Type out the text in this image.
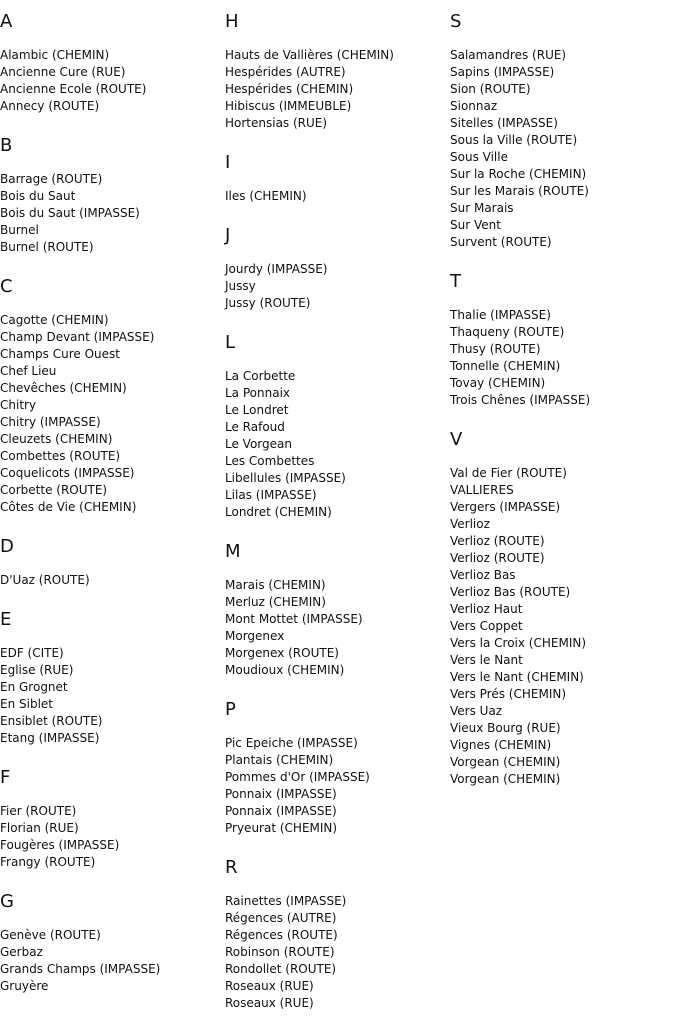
A
Alambic (CHEMIN)
Ancienne Cure (RUE)
Ancienne Ecole (ROUTE)
Annecy (ROUTE)
B
Barrage (ROUTE)
Bois du Saut
Bois du Saut (IMPASSE)
Burnel
Burnel (ROUTE)
C
Cagotte (CHEMIN)
Champ Devant (IMPASSE)
Champs Cure Ouest
Chef Lieu
Chevêches (CHEMIN)
Chitry
Chitry (IMPASSE)
Cleuzets (CHEMIN)
Combettes (ROUTE)
Coquelicots (IMPASSE)
Corbette (ROUTE)
Côtes de Vie (CHEMIN)
D
D'Uaz (ROUTE)
E
EDF (CITE)
Eglise (RUE)
En Grognet
En Siblet
Ensiblet (ROUTE)
Etang (IMPASSE)
F
Fier (ROUTE)
Florian (RUE)
Fougères (IMPASSE)
Frangy (ROUTE)
G
Genève (ROUTE)
Gerbaz
Grands Champs (IMPASSE)
Gruyère
H
Hauts de Vallières (CHEMIN)
Hespérides (AUTRE)
Hespérides (CHEMIN)
Hibiscus (IMMEUBLE)
Hortensias (RUE)
I
Iles (CHEMIN)
J
Jourdy (IMPASSE)
Jussy
Jussy (ROUTE)
L
La Corbette
La Ponnaix
Le Londret
Le Rafoud
Le Vorgean
Les Combettes
Libellules (IMPASSE)
Lilas (IMPASSE)
Londret (CHEMIN)
M
Marais (CHEMIN)
Merluz (CHEMIN)
Mont Mottet (IMPASSE)
Morgenex
Morgenex (ROUTE)
Moudioux (CHEMIN)
P
Pic Epeiche (IMPASSE)
Plantais (CHEMIN)
Pommes d'Or (IMPASSE)
Ponnaix (IMPASSE)
Ponnaix (IMPASSE)
Pryeurat (CHEMIN)
R
Rainettes (IMPASSE)
Régences (AUTRE)
Régences (ROUTE)
Robinson (ROUTE)
Rondollet (ROUTE)
Roseaux (RUE)
Roseaux (RUE)
S
Salamandres (RUE)
Sapins (IMPASSE)
Sion (ROUTE)
Sionnaz
Sitelles (IMPASSE)
Sous la Ville (ROUTE)
Sous Ville
Sur la Roche (CHEMIN)
Sur les Marais (ROUTE)
Sur Marais
Sur Vent
Survent (ROUTE)
T
Thalie (IMPASSE)
Thaqueny (ROUTE)
Thusy (ROUTE)
Tonnelle (CHEMIN)
Tovay (CHEMIN)
Trois Chênes (IMPASSE)
V
Val de Fier (ROUTE)
VALLIERES
Vergers (IMPASSE)
Verlioz
Verlioz (ROUTE)
Verlioz (ROUTE)
Verlioz Bas
Verlioz Bas (ROUTE)
Verlioz Haut
Vers Coppet
Vers la Croix (CHEMIN)
Vers le Nant
Vers le Nant (CHEMIN)
Vers Prés (CHEMIN)
Vers Uaz
Vieux Bourg (RUE)
Vignes (CHEMIN)
Vorgean (CHEMIN)
Vorgean (CHEMIN)
